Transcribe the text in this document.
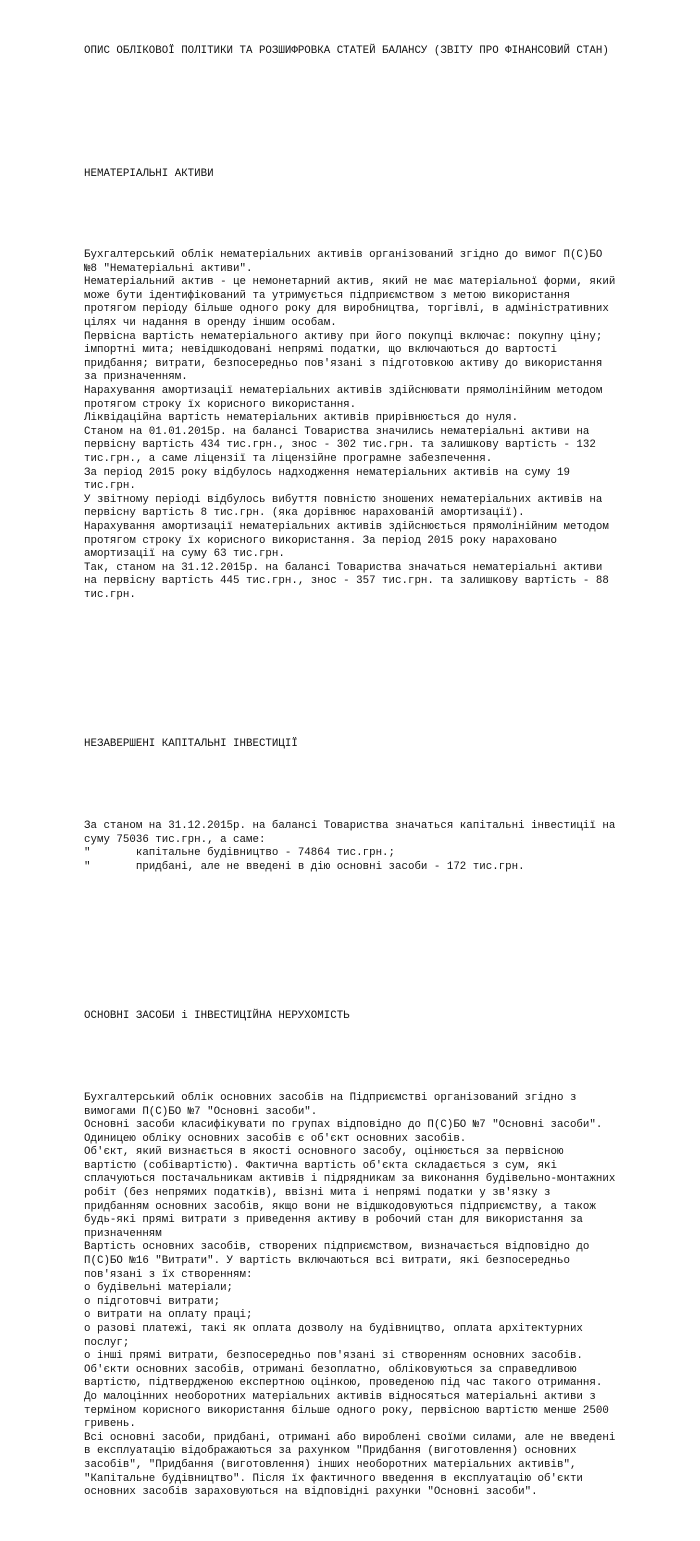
ОПИС ОБЛІКОВОЇ ПОЛІТИКИ ТА РОЗШИФРОВКА СТАТЕЙ БАЛАНСУ (ЗВІТУ ПРО ФІНАНСОВИЙ СТАН)

НЕМАТЕРІАЛЬНІ АКТИВИ

Бухгалтерський облік нематеріальних активів організований згідно до вимог П(С)БО
№8 "Нематеріальні активи".
Нематеріальний актив - це немонетарний актив, який не має матеріальної форми, який
може бути ідентифікований та утримується підприємством з метою використання
протягом періоду більше одного року для виробництва, торгівлі, в адміністративних
цілях чи надання в оренду іншим особам.
Первісна вартість нематеріального активу при його покупці включає: покупну ціну;
імпортні мита; невідшкодовані непрямі податки, що включаються до вартості
придбання; витрати, безпосередньо пов'язані з підготовкою активу до використання
за призначенням.
Нарахування амортизації нематеріальних активів здійснювати прямолінійним методом
протягом строку їх корисного використання.
Ліквідаційна вартість нематеріальних активів прирівнюється до нуля.
Станом на 01.01.2015р. на балансі Товариства значились нематеріальні активи на
первісну вартість 434 тис.грн., знос - 302 тис.грн. та залишкову вартість - 132
тис.грн., а саме ліцензії та ліцензійне програмне забезпечення.
За період 2015 року відбулось надходження нематеріальних активів на суму 19
тис.грн.
У звітному періоді відбулось вибуття повністю зношених нематеріальних активів на
первісну вартість 8 тис.грн. (яка дорівнює нарахованій амортизації).
Нарахування амортизації нематеріальних активів здійснюється прямолінійним методом
протягом строку їх корисного використання. За період 2015 року нараховано
амортизації на суму 63 тис.грн.
Так, станом на 31.12.2015р. на балансі Товариства значаться нематеріальні активи
на первісну вартість 445 тис.грн., знос - 357 тис.грн. та залишкову вартість - 88
тис.грн.

НЕЗАВЕРШЕНІ КАПІТАЛЬНІ ІНВЕСТИЦІЇ

За станом на 31.12.2015р. на балансі Товариства значаться капітальні інвестиції на
суму 75036 тис.грн., а саме:
"       капітальне будівництво - 74864 тис.грн.;
"       придбані, але не введені в дію основні засоби - 172 тис.грн.

ОСНОВНІ ЗАСОБИ і ІНВЕСТИЦІЙНА НЕРУХОМІСТЬ

Бухгалтерський облік основних засобів на Підприємстві організований згідно з
вимогами П(С)БО №7 "Основні засоби".
Основні засоби класифікувати по групах відповідно до П(С)БО №7 "Основні засоби".
Одиницею обліку основних засобів є об'єкт основних засобів.
Об'єкт, який визнається в якості основного засобу, оцінюється за первісною
вартістю (собівартістю). Фактична вартість об'єкта складається з сум, які
сплачуються постачальникам активів і підрядникам за виконання будівельно-монтажних
робіт (без непрямих податків), ввізні мита і непрямі податки у зв'язку з
придбанням основних засобів, якщо вони не відшкодовуються підприємству, а також
будь-які прямі витрати з приведення активу в робочий стан для використання за
призначенням
Вартість основних засобів, створених підприємством, визначається відповідно до
П(С)БО №16 "Витрати". У вартість включаються всі витрати, які безпосередньо
пов'язані з їх створенням:
о будівельні матеріали;
о підготовчі витрати;
о витрати на оплату праці;
о разові платежі, такі як оплата дозволу на будівництво, оплата архітектурних
послуг;
о інші прямі витрати, безпосередньо пов'язані зі створенням основних засобів.
Об'єкти основних засобів, отримані безоплатно, обліковуються за справедливою
вартістю, підтвердженою експертною оцінкою, проведеною під час такого отримання.
До малоцінних необоротних матеріальних активів відносяться матеріальні активи з
терміном корисного використання більше одного року, первісною вартістю менше 2500
гривень.
Всі основні засоби, придбані, отримані або вироблені своїми силами, але не введені
в експлуатацію відображаються за рахунком "Придбання (виготовлення) основних
засобів", "Придбання (виготовлення) інших необоротних матеріальних активів",
"Капітальне будівництво". Після їх фактичного введення в експлуатацію об'єкти
основних засобів зараховуються на відповідні рахунки "Основні засоби".
